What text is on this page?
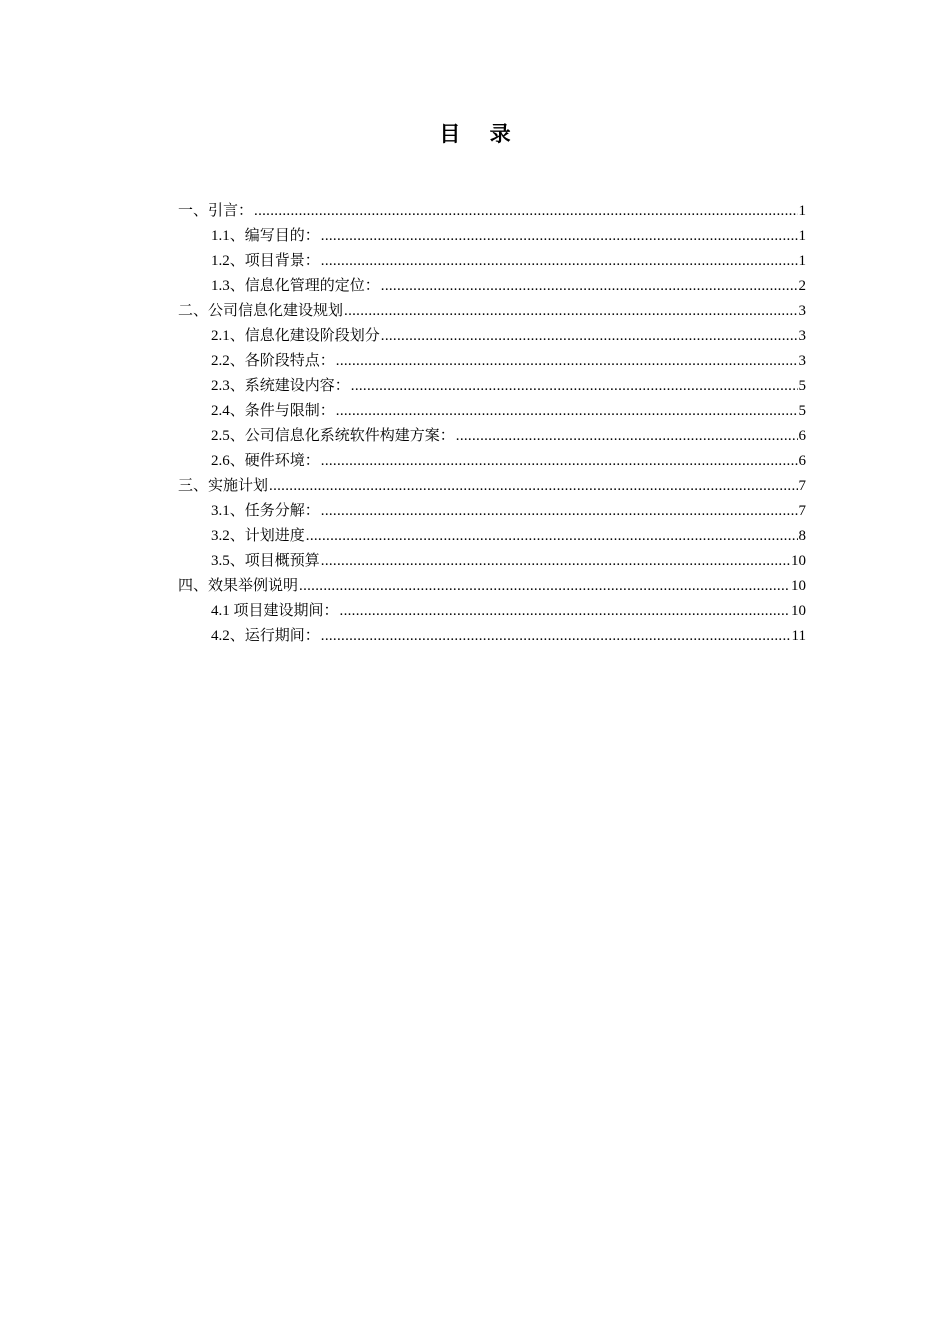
目 录
一、引言： .....	1
1.1、编写目的： .....	1
1.2、项目背景： .....	1
1.3、信息化管理的定位： .....	2
二、公司信息化建设规划 .....	3
2.1、信息化建设阶段划分 .....	3
2.2、各阶段特点： .....	3
2.3、系统建设内容： .....	5
2.4、条件与限制： .....	5
2.5、公司信息化系统软件构建方案： .....	6
2.6、硬件环境： .....	6
三、实施计划 .....	7
3.1、任务分解： .....	7
3.2、计划进度 .....	8
3.5、项目概预算 .....	10
四、效果举例说明 .....	10
4.1 项目建设期间： .....	10
4.2、运行期间： .....	11
